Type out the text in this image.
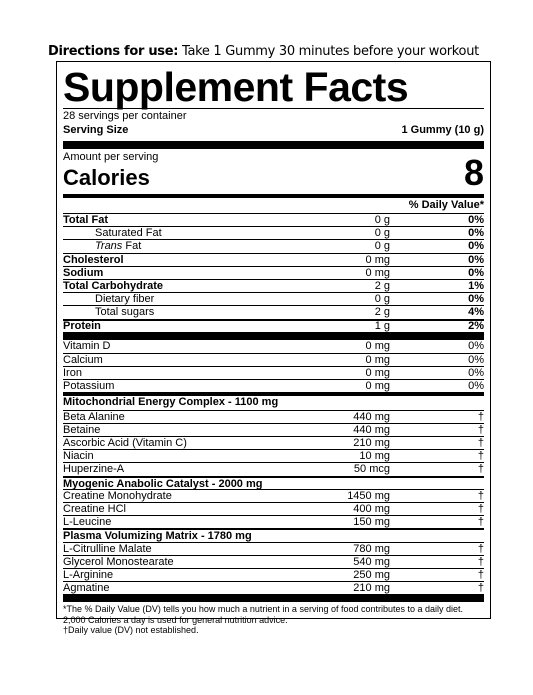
Directions for use: Take 1 Gummy 30 minutes before your workout
Supplement Facts
28 servings per container
Serving Size	1 Gummy (10 g)
Amount per serving
Calories	8
% Daily Value*
Total Fat	0 g	0%
Saturated Fat	0 g	0%
Trans Fat	0 g	0%
Cholesterol	0 mg	0%
Sodium	0 mg	0%
Total Carbohydrate	2 g	1%
Dietary fiber	0 g	0%
Total sugars	2 g	4%
Protein	1 g	2%
Vitamin D	0 mg	0%
Calcium	0 mg	0%
Iron	0 mg	0%
Potassium	0 mg	0%
Mitochondrial Energy Complex - 1100 mg
Beta Alanine	440 mg	†
Betaine	440 mg	†
Ascorbic Acid (Vitamin C)	210 mg	†
Niacin	10 mg	†
Huperzine-A	50 mcg	†
Myogenic Anabolic Catalyst - 2000 mg
Creatine Monohydrate	1450 mg	†
Creatine HCl	400 mg	†
L-Leucine	150 mg	†
Plasma Volumizing Matrix - 1780 mg
L-Citrulline Malate	780 mg	†
Glycerol Monostearate	540 mg	†
L-Arginine	250 mg	†
Agmatine	210 mg	†
*The % Daily Value (DV) tells you how much a nutrient in a serving of food contributes to a daily diet.
2,000 Calories a day is used for general nutrition advice.
†Daily value (DV) not established.
